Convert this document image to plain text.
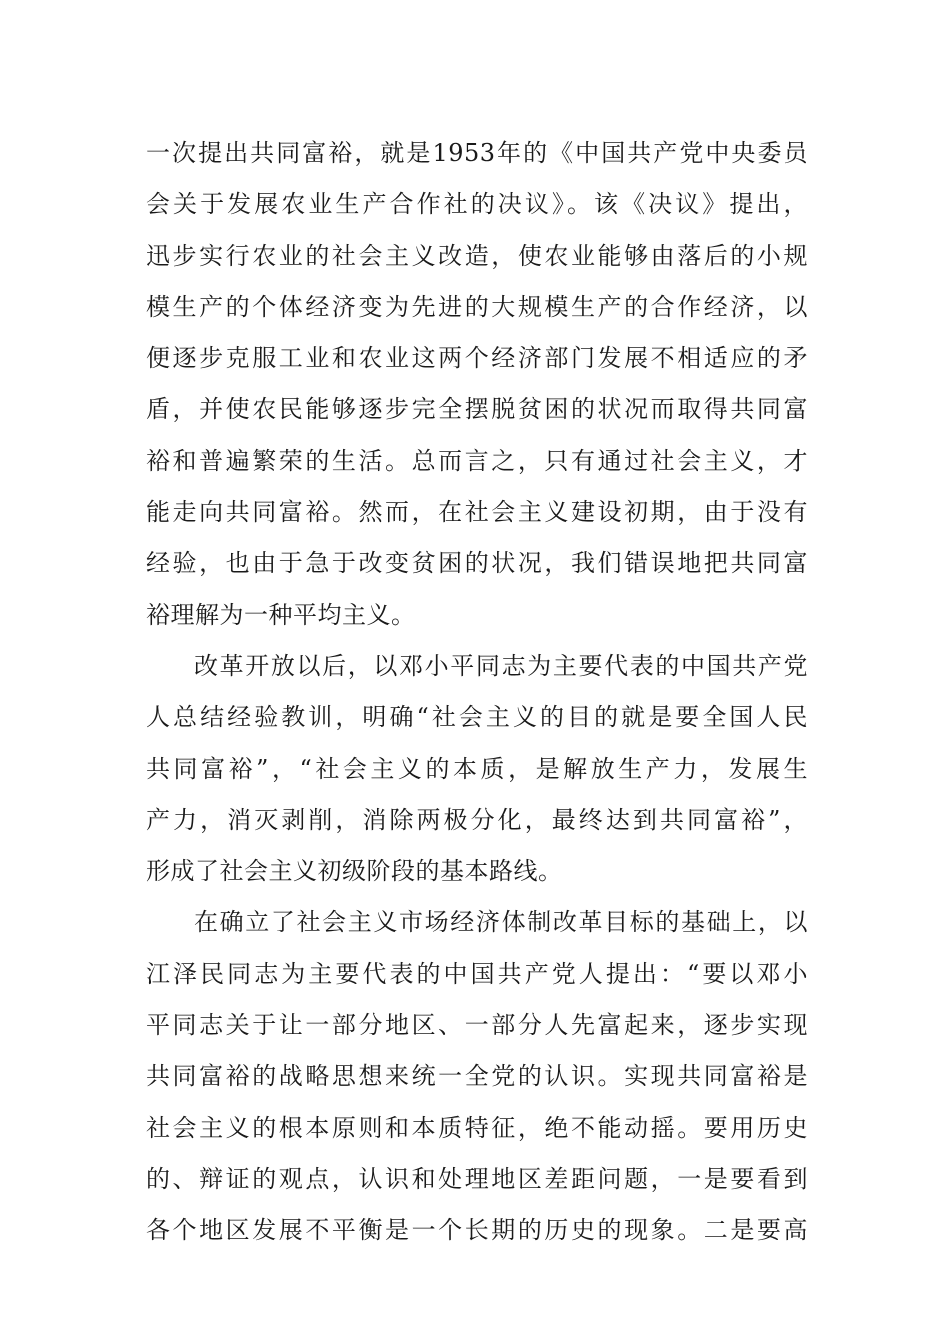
一次提出共同富裕，就是1953年的《中国共产党中央委员
会关于发展农业生产合作社的决议》。该《决议》提出，
迅步实行农业的社会主义改造，使农业能够由落后的小规
模生产的个体经济变为先进的大规模生产的合作经济，以
便逐步克服工业和农业这两个经济部门发展不相适应的矛
盾，并使农民能够逐步完全摆脱贫困的状况而取得共同富
裕和普遍繁荣的生活。总而言之，只有通过社会主义，才
能走向共同富裕。然而，在社会主义建设初期，由于没有
经验，也由于急于改变贫困的状况，我们错误地把共同富
裕理解为一种平均主义。
改革开放以后，以邓小平同志为主要代表的中国共产党
人总结经验教训，明确“社会主义的目的就是要全国人民
共同富裕”，“社会主义的本质，是解放生产力，发展生
产力，消灭剥削，消除两极分化，最终达到共同富裕”，
形成了社会主义初级阶段的基本路线。
在确立了社会主义市场经济体制改革目标的基础上，以
江泽民同志为主要代表的中国共产党人提出：“要以邓小
平同志关于让一部分地区、一部分人先富起来，逐步实现
共同富裕的战略思想来统一全党的认识。实现共同富裕是
社会主义的根本原则和本质特征，绝不能动摇。要用历史
的、辩证的观点，认识和处理地区差距问题，一是要看到
各个地区发展不平衡是一个长期的历史的现象。二是要高
